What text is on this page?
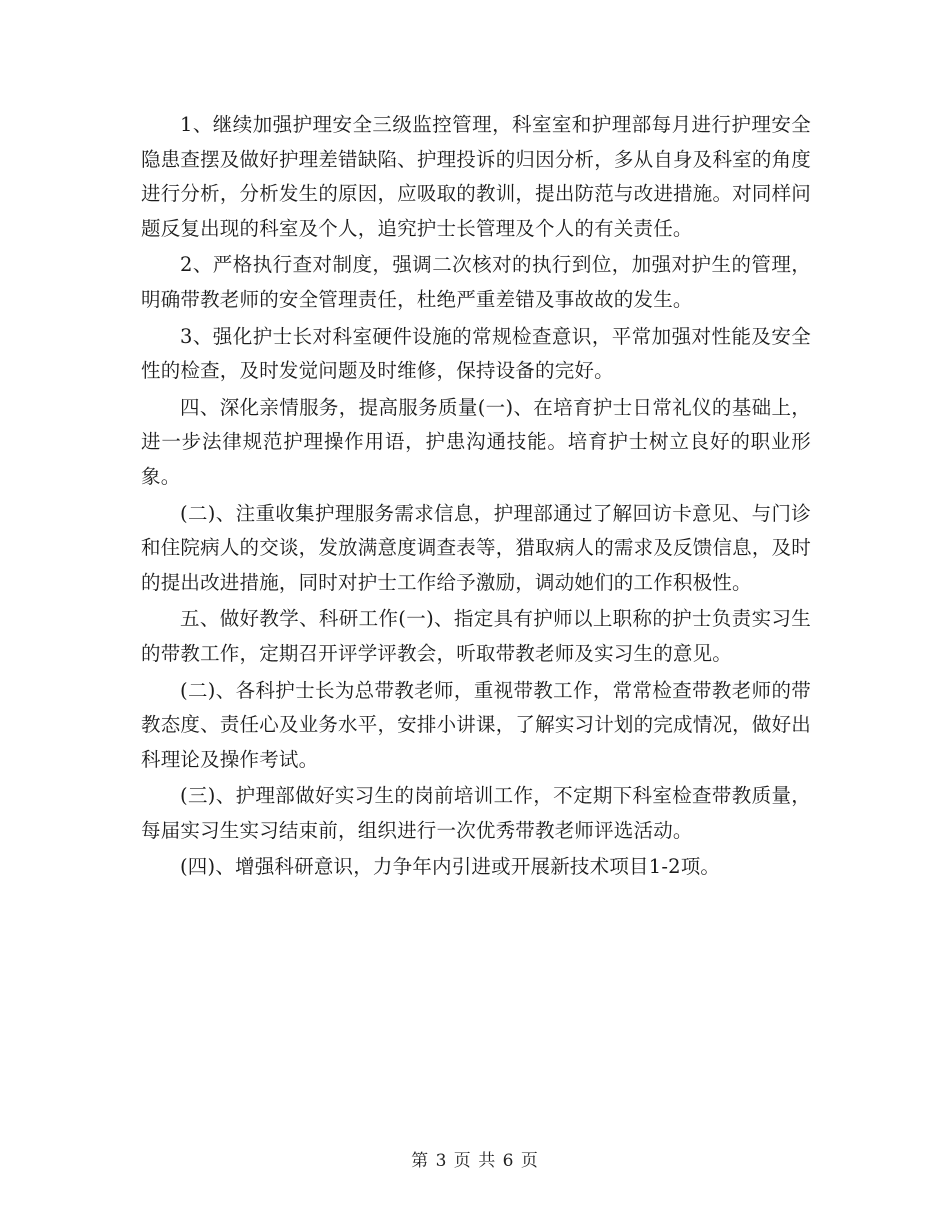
1、继续加强护理安全三级监控管理，科室室和护理部每月进行护理安全隐患查摆及做好护理差错缺陷、护理投诉的归因分析，多从自身及科室的角度进行分析，分析发生的原因，应吸取的教训，提出防范与改进措施。对同样问题反复出现的科室及个人，追究护士长管理及个人的有关责任。

2、严格执行查对制度，强调二次核对的执行到位，加强对护生的管理，明确带教老师的安全管理责任，杜绝严重差错及事故故的发生。

3、强化护士长对科室硬件设施的常规检查意识，平常加强对性能及安全性的检查，及时发觉问题及时维修，保持设备的完好。

四、深化亲情服务，提高服务质量(一)、在培育护士日常礼仪的基础上，进一步法律规范护理操作用语，护患沟通技能。培育护士树立良好的职业形象。

(二)、注重收集护理服务需求信息，护理部通过了解回访卡意见、与门诊和住院病人的交谈，发放满意度调查表等，猎取病人的需求及反馈信息，及时的提出改进措施，同时对护士工作给予激励，调动她们的工作积极性。

五、做好教学、科研工作(一)、指定具有护师以上职称的护士负责实习生的带教工作，定期召开评学评教会，听取带教老师及实习生的意见。

(二)、各科护士长为总带教老师，重视带教工作，常常检查带教老师的带教态度、责任心及业务水平，安排小讲课，了解实习计划的完成情况，做好出科理论及操作考试。

(三)、护理部做好实习生的岗前培训工作，不定期下科室检查带教质量，每届实习生实习结束前，组织进行一次优秀带教老师评选活动。

(四)、增强科研意识，力争年内引进或开展新技术项目1-2项。

第 3 页 共 6 页
